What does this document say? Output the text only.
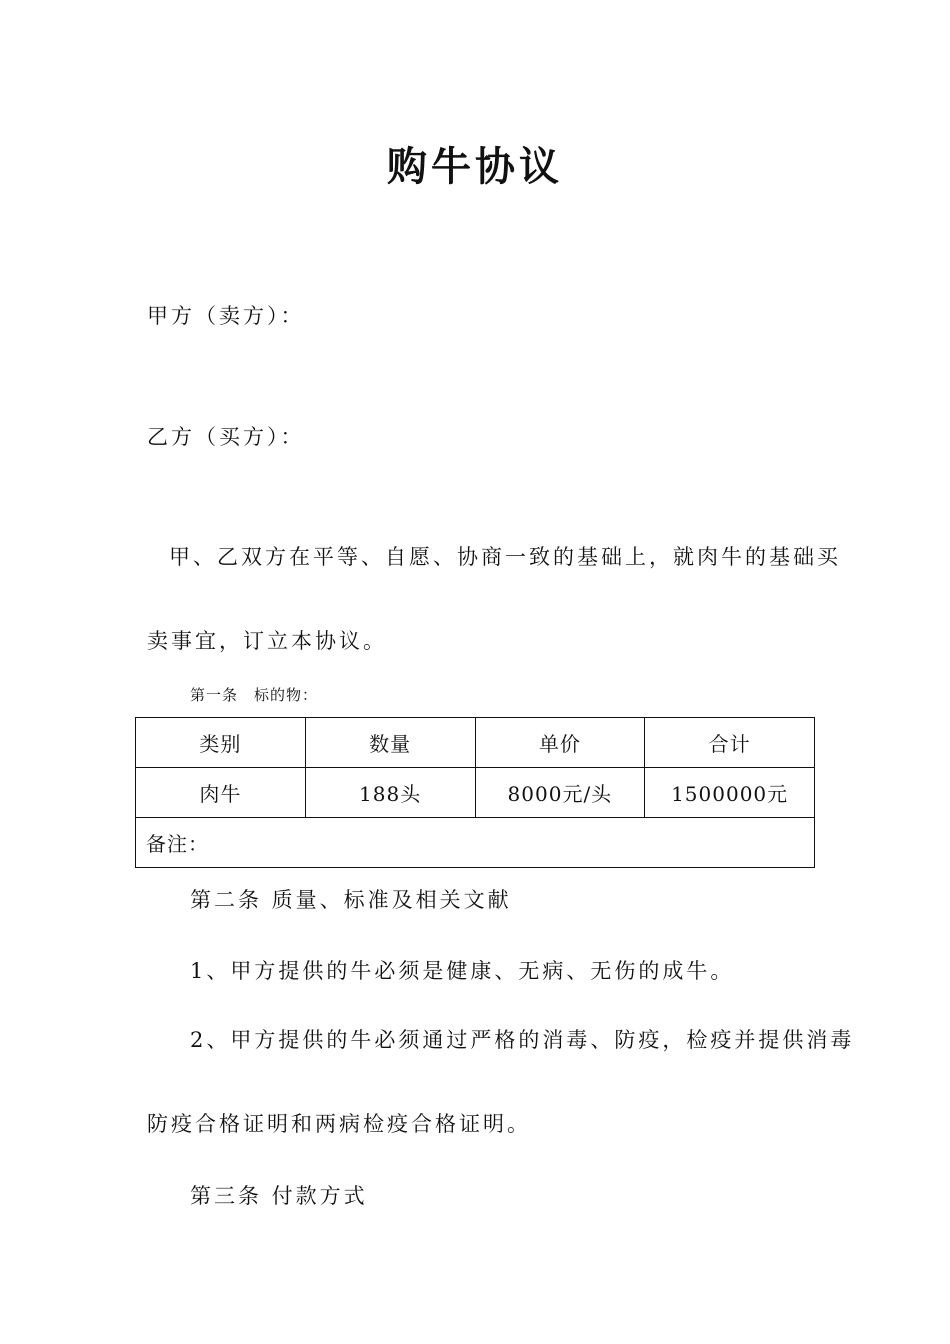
购牛协议
甲方（卖方）：
乙方（买方）：
甲、乙双方在平等、自愿、协商一致的基础上，就肉牛的基础买
卖事宜，订立本协议。
第一条　标的物：
类别	数量	单价	合计
肉牛	188头	8000元/头	1500000元
备注：			
第二条 质量、标准及相关文献
1、甲方提供的牛必须是健康、无病、无伤的成牛。
2、甲方提供的牛必须通过严格的消毒、防疫，检疫并提供消毒
防疫合格证明和两病检疫合格证明。
第三条 付款方式
